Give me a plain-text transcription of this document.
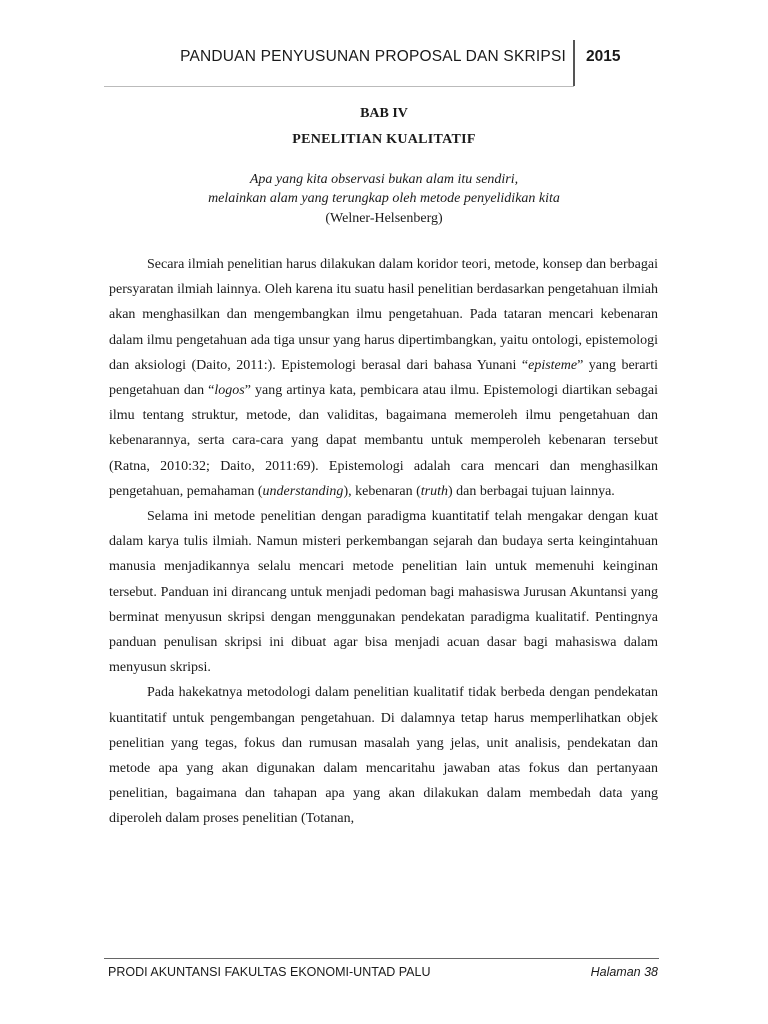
PANDUAN PENYUSUNAN PROPOSAL DAN SKRIPSI 2015
BAB IV
PENELITIAN KUALITATIF
Apa yang kita observasi bukan alam itu sendiri,
melainkan alam yang terungkap oleh metode penyelidikan kita
(Welner-Helsenberg)

Secara ilmiah penelitian harus dilakukan dalam koridor teori, metode, konsep dan berbagai persyaratan ilmiah lainnya. Oleh karena itu suatu hasil penelitian berdasarkan pengetahuan ilmiah akan menghasilkan dan mengembangkan ilmu pengetahuan. Pada tataran mencari kebenaran dalam ilmu pengetahuan ada tiga unsur yang harus dipertimbangkan, yaitu ontologi, epistemologi dan aksiologi (Daito, 2011:). Epistemologi berasal dari bahasa Yunani “episteme” yang berarti pengetahuan dan “logos” yang artinya kata, pembicara atau ilmu. Epistemologi diartikan sebagai ilmu tentang struktur, metode, dan validitas, bagaimana memeroleh ilmu pengetahuan dan kebenarannya, serta cara-cara yang dapat membantu untuk memperoleh kebenaran tersebut (Ratna, 2010:32; Daito, 2011:69). Epistemologi adalah cara mencari dan menghasilkan pengetahuan, pemahaman (understanding), kebenaran (truth) dan berbagai tujuan lainnya.

Selama ini metode penelitian dengan paradigma kuantitatif telah mengakar dengan kuat dalam karya tulis ilmiah. Namun misteri perkembangan sejarah dan budaya serta keingintahuan manusia menjadikannya selalu mencari metode penelitian lain untuk memenuhi keinginan tersebut. Panduan ini dirancang untuk menjadi pedoman bagi mahasiswa Jurusan Akuntansi yang berminat menyusun skripsi dengan menggunakan pendekatan paradigma kualitatif. Pentingnya panduan penulisan skripsi ini dibuat agar bisa menjadi acuan dasar bagi mahasiswa dalam menyusun skripsi.

Pada hakekatnya metodologi dalam penelitian kualitatif tidak berbeda dengan pendekatan kuantitatif untuk pengembangan pengetahuan. Di dalamnya tetap harus memperlihatkan objek penelitian yang tegas, fokus dan rumusan masalah yang jelas, unit analisis, pendekatan dan metode apa yang akan digunakan dalam mencaritahu jawaban atas fokus dan pertanyaan penelitian, bagaimana dan tahapan apa yang akan dilakukan dalam membedah data yang diperoleh dalam proses penelitian (Totanan,

PRODI AKUNTANSI FAKULTAS EKONOMI-UNTAD PALU	Halaman 38
